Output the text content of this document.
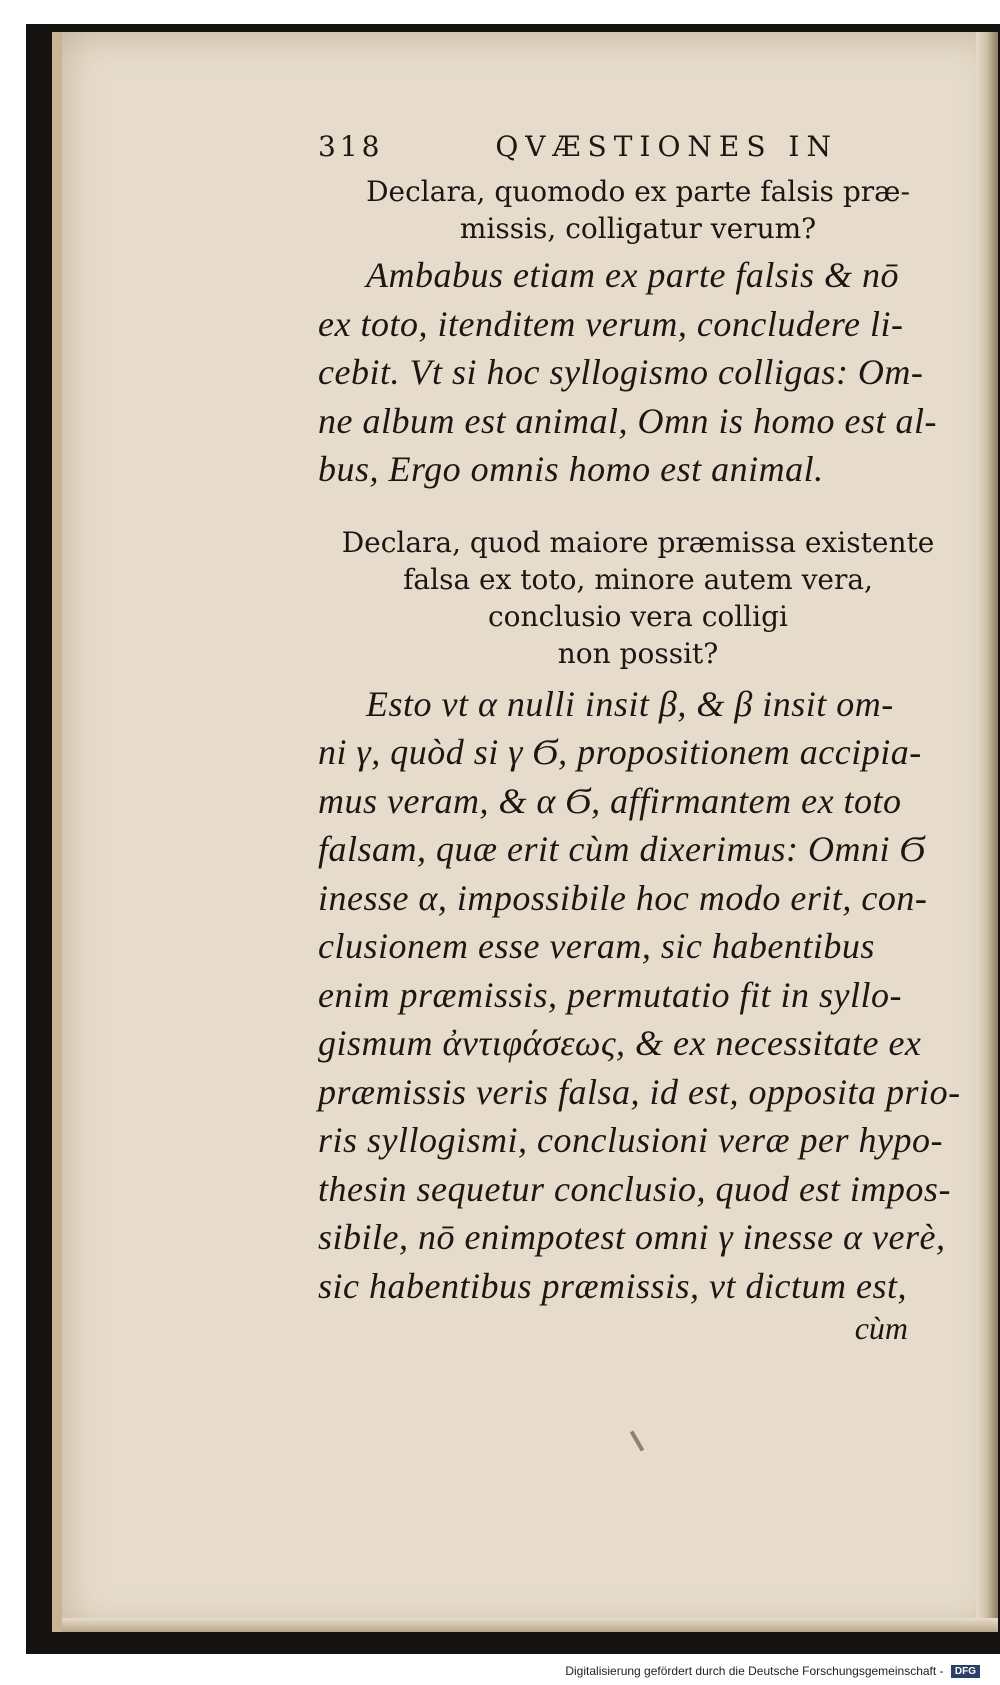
318	QVÆSTIONES IN

Declara, quomodo ex parte falsis præ-
missis, colligatur verum?

Ambabus etiam ex parte falsis & nō
ex toto, itenditem verum, concludere li-
cebit. Vt si hoc syllogismo colligas: Om-
ne album est animal, Omn is homo est al-
bus, Ergo omnis homo est animal.

Declara, quod maiore præmissa existente
falsa ex toto, minore autem vera,
conclusio vera colligi
non possit?

Esto vt α nulli insit β, & β insit om-
ni γ, quòd si γ Ϭ, propositionem accipia-
mus veram, & α Ϭ, affirmantem ex toto
falsam, quæ erit cùm dixerimus: Omni Ϭ
inesse α, impossibile hoc modo erit, con-
clusionem esse veram, sic habentibus
enim præmissis, permutatio fit in syllo-
gismum ἀντιφάσεως, & ex necessitate ex
præmissis veris falsa, id est, opposita prio-
ris syllogismi, conclusioni veræ per hypo-
thesin sequetur conclusio, quod est impos-
sibile, nō enimpotest omni γ inesse α verè,
sic habentibus præmissis, vt dictum est,

cùm
Digitalisierung gefördert durch die Deutsche Forschungsgemeinschaft - DFG
